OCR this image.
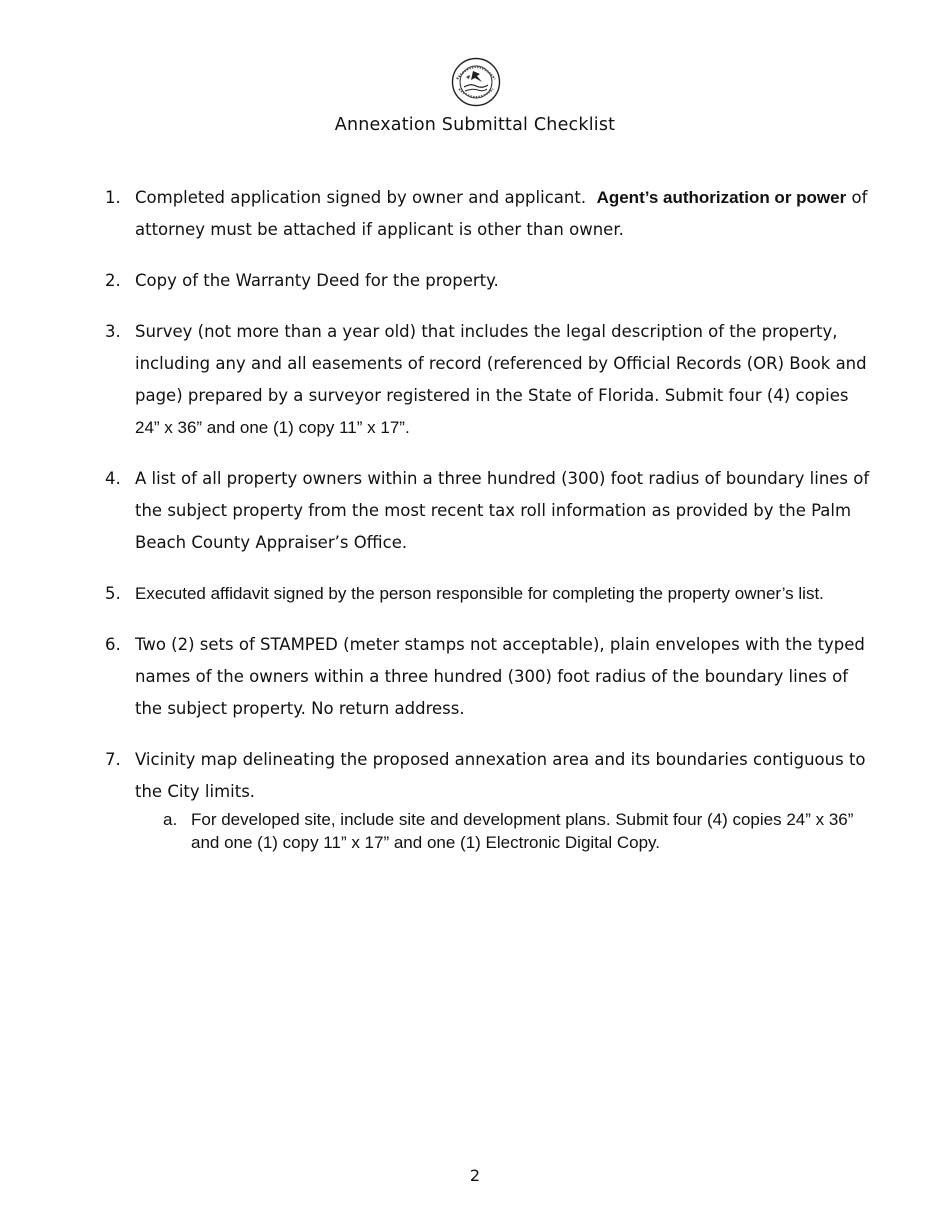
Annexation Submittal Checklist
1. Completed application signed by owner and applicant. Agent’s authorization or power of attorney must be attached if applicant is other than owner.
2. Copy of the Warranty Deed for the property.
3. Survey (not more than a year old) that includes the legal description of the property, including any and all easements of record (referenced by Official Records (OR) Book and page) prepared by a surveyor registered in the State of Florida. Submit four (4) copies
24” x 36” and one (1) copy 11” x 17”.
4. A list of all property owners within a three hundred (300) foot radius of boundary lines of the subject property from the most recent tax roll information as provided by the Palm Beach County Appraiser’s Office.
5. Executed affidavit signed by the person responsible for completing the property owner’s list.
6. Two (2) sets of STAMPED (meter stamps not acceptable), plain envelopes with the typed names of the owners within a three hundred (300) foot radius of the boundary lines of the subject property. No return address.
7. Vicinity map delineating the proposed annexation area and its boundaries contiguous to the City limits.
a. For developed site, include site and development plans. Submit four (4) copies 24” x 36” and one (1) copy 11” x 17” and one (1) Electronic Digital Copy.
2
